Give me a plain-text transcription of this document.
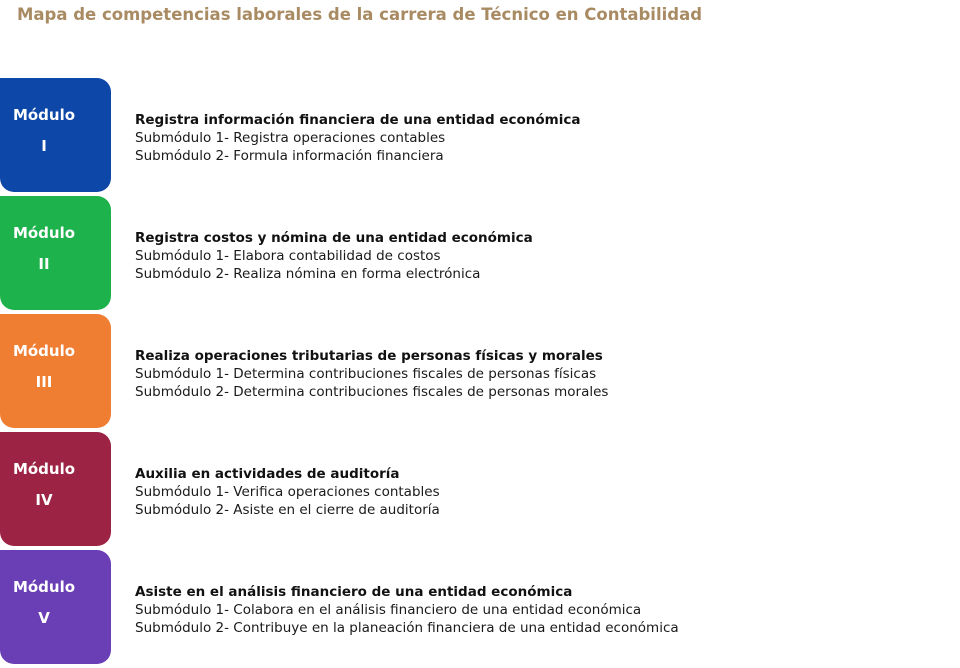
Mapa de competencias laborales de la carrera de Técnico en Contabilidad
Módulo
I
Registra información financiera de una entidad económica
Submódulo 1- Registra operaciones contables
Submódulo 2- Formula información financiera
Módulo
II
Registra costos y nómina de una entidad económica
Submódulo 1- Elabora contabilidad de costos
Submódulo 2- Realiza nómina en forma electrónica
Módulo
III
Realiza operaciones tributarias de personas físicas y morales
Submódulo 1- Determina contribuciones fiscales de personas físicas
Submódulo 2- Determina contribuciones fiscales de personas morales
Módulo
IV
Auxilia en actividades de auditoría
Submódulo 1- Verifica operaciones contables
Submódulo 2- Asiste en el cierre de auditoría
Módulo
V
Asiste en el análisis financiero de una entidad económica
Submódulo 1- Colabora en el análisis financiero de una entidad económica
Submódulo 2- Contribuye en la planeación financiera de una entidad económica
